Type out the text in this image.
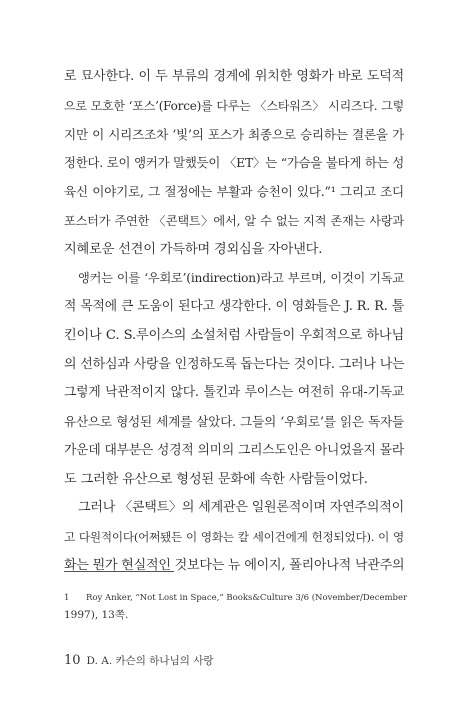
로 묘사한다. 이 두 부류의 경계에 위치한 영화가 바로 도덕적
으로 모호한 ‘포스’(Force)를 다루는 〈스타워즈〉 시리즈다. 그렇
지만 이 시리즈조차 ‘빛’의 포스가 최종으로 승리하는 결론을 가
정한다. 로이 앵커가 말했듯이 〈ET〉는 “가슴을 불타게 하는 성
육신 이야기로, 그 절정에는 부활과 승천이 있다.”¹ 그리고 조디
포스터가 주연한 〈콘택트〉에서, 알 수 없는 지적 존재는 사랑과
지혜로운 선견이 가득하며 경외심을 자아낸다.
앵커는 이를 ‘우회로’(indirection)라고 부르며, 이것이 기독교
적 목적에 큰 도움이 된다고 생각한다. 이 영화들은 J. R. R. 톨
킨이나 C. S.루이스의 소설처럼 사람들이 우회적으로 하나님
의 선하심과 사랑을 인정하도록 돕는다는 것이다. 그러나 나는
그렇게 낙관적이지 않다. 톨킨과 루이스는 여전히 유대-기독교
유산으로 형성된 세계를 살았다. 그들의 ‘우회로’를 읽은 독자들
가운데 대부분은 성경적 의미의 그리스도인은 아니었을지 몰라
도 그러한 유산으로 형성된 문화에 속한 사람들이었다.
그러나 〈콘택트〉의 세계관은 일원론적이며 자연주의적이
고 다원적이다(어쩌됐든 이 영화는 칼 세이건에게 헌정되었다). 이 영
화는 뭔가 현실적인 것보다는 뉴 에이지, 폴리아나적 낙관주의
1 Roy Anker, “Not Lost in Space,” Books&Culture 3/6 (November/December
1997), 13쪽.
10 D. A. 카슨의 하나님의 사랑
